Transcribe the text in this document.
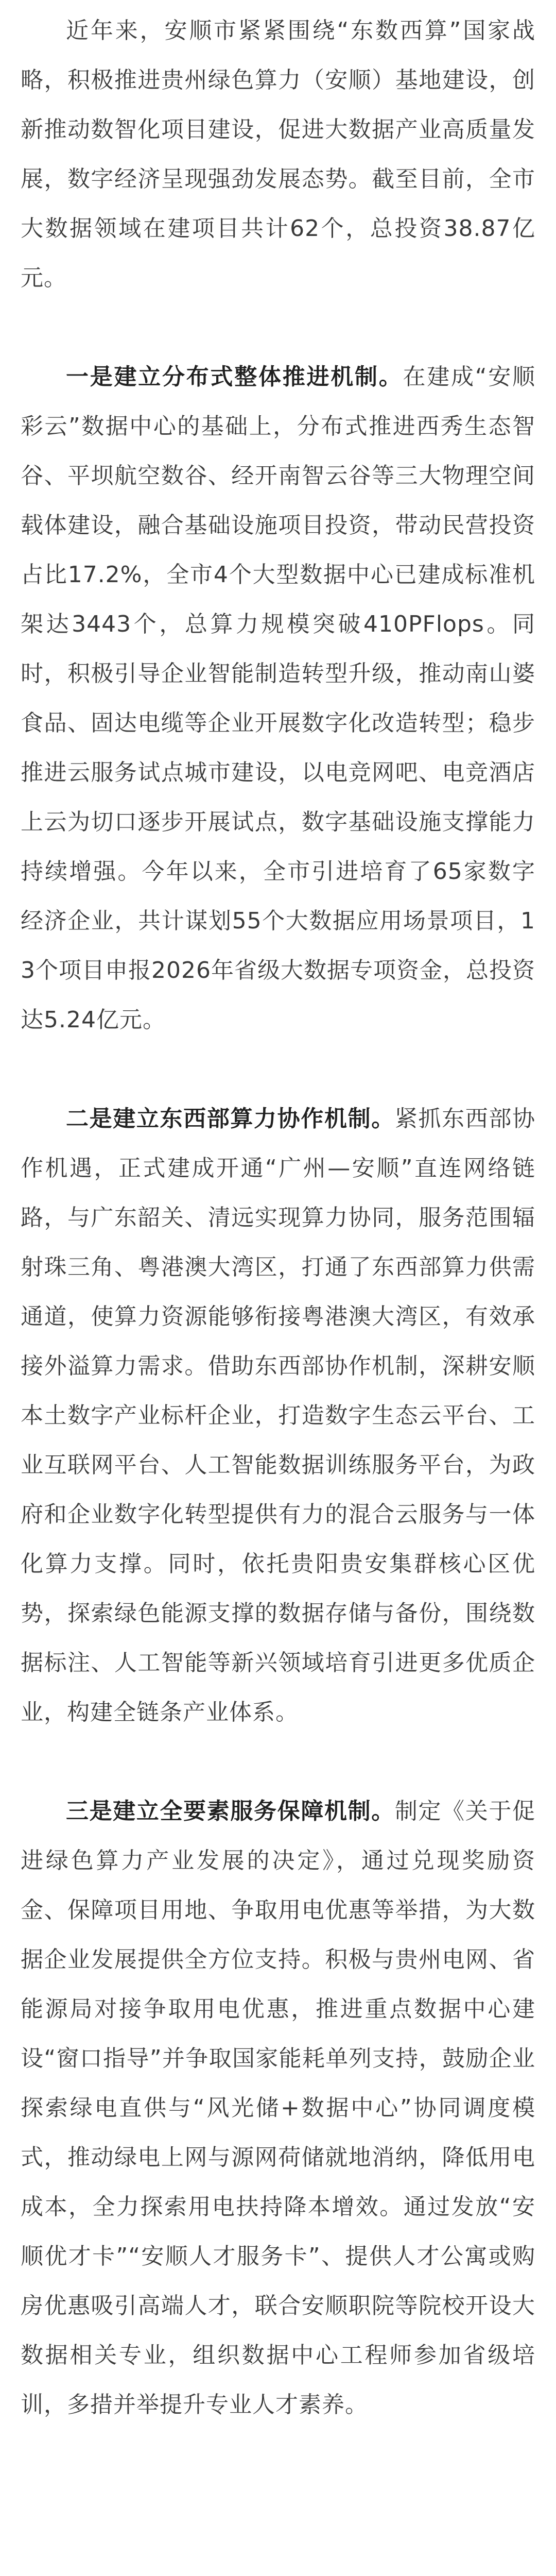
近年来，安顺市紧紧围绕“东数西算”国家战略，积极推进贵州绿色算力（安顺）基地建设，创新推动数智化项目建设，促进大数据产业高质量发展，数字经济呈现强劲发展态势。截至目前，全市大数据领域在建项目共计62个，总投资38.87亿元。

一是建立分布式整体推进机制。在建成“安顺彩云”数据中心的基础上，分布式推进西秀生态智谷、平坝航空数谷、经开南智云谷等三大物理空间载体建设，融合基础设施项目投资，带动民营投资占比17.2%，全市4个大型数据中心已建成标准机架达3443个，总算力规模突破410PFlops。同时，积极引导企业智能制造转型升级，推动南山婆食品、固达电缆等企业开展数字化改造转型；稳步推进云服务试点城市建设，以电竞网吧、电竞酒店上云为切口逐步开展试点，数字基础设施支撑能力持续增强。今年以来，全市引进培育了65家数字经济企业，共计谋划55个大数据应用场景项目，13个项目申报2026年省级大数据专项资金，总投资达5.24亿元。

二是建立东西部算力协作机制。紧抓东西部协作机遇，正式建成开通“广州—安顺”直连网络链路，与广东韶关、清远实现算力协同，服务范围辐射珠三角、粤港澳大湾区，打通了东西部算力供需通道，使算力资源能够衔接粤港澳大湾区，有效承接外溢算力需求。借助东西部协作机制，深耕安顺本土数字产业标杆企业，打造数字生态云平台、工业互联网平台、人工智能数据训练服务平台，为政府和企业数字化转型提供有力的混合云服务与一体化算力支撑。同时，依托贵阳贵安集群核心区优势，探索绿色能源支撑的数据存储与备份，围绕数据标注、人工智能等新兴领域培育引进更多优质企业，构建全链条产业体系。

三是建立全要素服务保障机制。制定《关于促进绿色算力产业发展的决定》，通过兑现奖励资金、保障项目用地、争取用电优惠等举措，为大数据企业发展提供全方位支持。积极与贵州电网、省能源局对接争取用电优惠，推进重点数据中心建设“窗口指导”并争取国家能耗单列支持，鼓励企业探索绿电直供与“风光储+数据中心”协同调度模式，推动绿电上网与源网荷储就地消纳，降低用电成本，全力探索用电扶持降本增效。通过发放“安顺优才卡”“安顺人才服务卡”、提供人才公寓或购房优惠吸引高端人才，联合安顺职院等院校开设大数据相关专业，组织数据中心工程师参加省级培训，多措并举提升专业人才素养。
